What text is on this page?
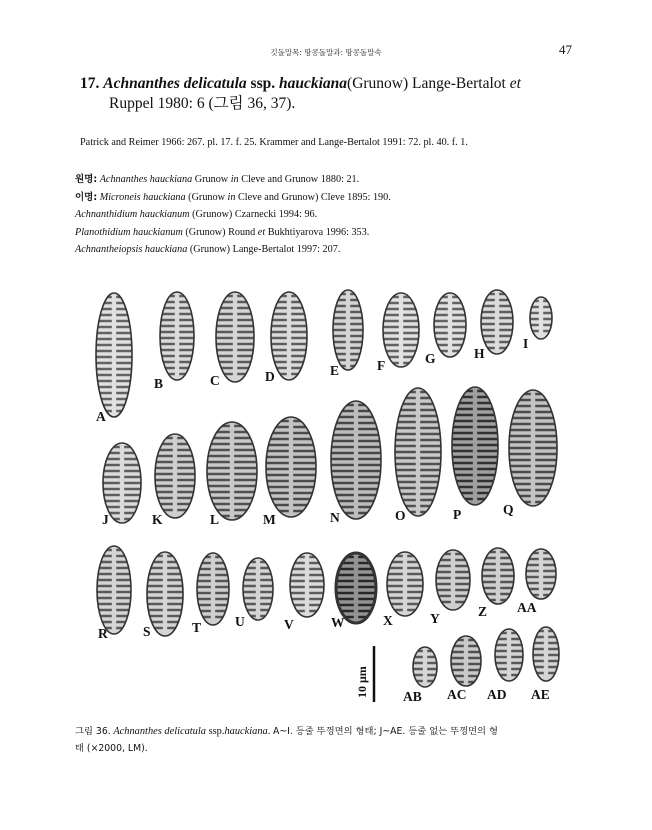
깃돌말목: 땅콩돌말과: 땅콩돌말속	47
17. Achnanthes delicatula ssp. hauckiana(Grunow) Lange-Bertalot et
Ruppel 1980: 6 (그림 36, 37).
Patrick and Reimer 1966: 267. pl. 17. f. 25. Krammer and Lange-Bertalot 1991: 72. pl. 40. f. 1.
원명: Achnanthes hauckiana Grunow in Cleve and Grunow 1880: 21.
이명: Microneis hauckiana (Grunow in Cleve and Grunow) Cleve 1895: 190.
Achnanthidium hauckianum (Grunow) Czarnecki 1994: 96.
Planothidium hauckianum (Grunow) Round et Bukhtiyarova 1996: 353.
Achnantheiopsis hauckiana (Grunow) Lange-Bertalot 1997: 207.
10 μm
A
B	C	D	E	F	G	H
I
J	K	L	M	N	O	P	Q
R	S	T	U	V	W	X	Y	Z AA
AB AC AD AE
그림 36. Achnanthes delicatula ssp.hauckiana. A~I. 등줄 뚜껑면의 형태; J~AE. 등줄 없는 뚜껑면의 형
태 (×2000, LM).
